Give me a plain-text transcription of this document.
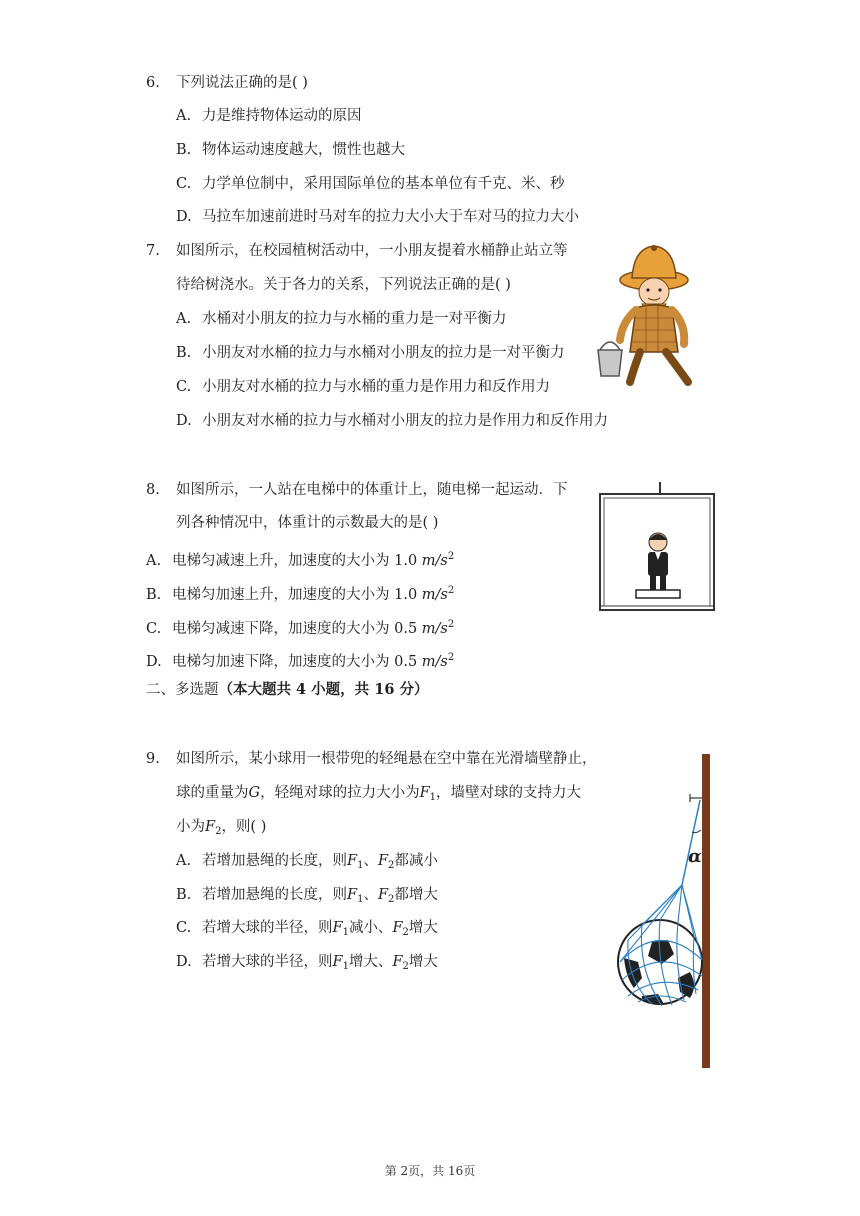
6. 下列说法正确的是( )
A. 力是维持物体运动的原因
B. 物体运动速度越大，惯性也越大
C. 力学单位制中，采用国际单位的基本单位有千克、米、秒
D. 马拉车加速前进时马对车的拉力大小大于车对马的拉力大小
7. 如图所示，在校园植树活动中，一小朋友提着水桶静止站立等
待给树浇水。关于各力的关系，下列说法正确的是( )
A. 水桶对小朋友的拉力与水桶的重力是一对平衡力
B. 小朋友对水桶的拉力与水桶对小朋友的拉力是一对平衡力
C. 小朋友对水桶的拉力与水桶的重力是作用力和反作用力
D. 小朋友对水桶的拉力与水桶对小朋友的拉力是作用力和反作用力
8. 如图所示，一人站在电梯中的体重计上，随电梯一起运动．下
列各种情况中，体重计的示数最大的是( )
A. 电梯匀减速上升，加速度的大小为 1.0 $m/s^2$
B. 电梯匀加速上升，加速度的大小为 1.0 $m/s^2$
C. 电梯匀减速下降，加速度的大小为 0.5 $m/s^2$
D. 电梯匀加速下降，加速度的大小为 0.5 $m/s^2$
二、多选题（本大题共 4 小题，共 16 分）
9. 如图所示，某小球用一根带兜的轻绳悬在空中靠在光滑墙壁静止，
球的重量为G，轻绳对球的拉力大小为$F_1$，墙壁对球的支持力大
小为$F_2$，则( )
A. 若增加悬绳的长度，则$F_1$、$F_2$都减小
B. 若增加悬绳的长度，则$F_1$、$F_2$都增大
C. 若增大球的半径，则$F_1$减小、$F_2$增大
D. 若增大球的半径，则$F_1$增大、$F_2$增大
α
第 2页，共 16页
